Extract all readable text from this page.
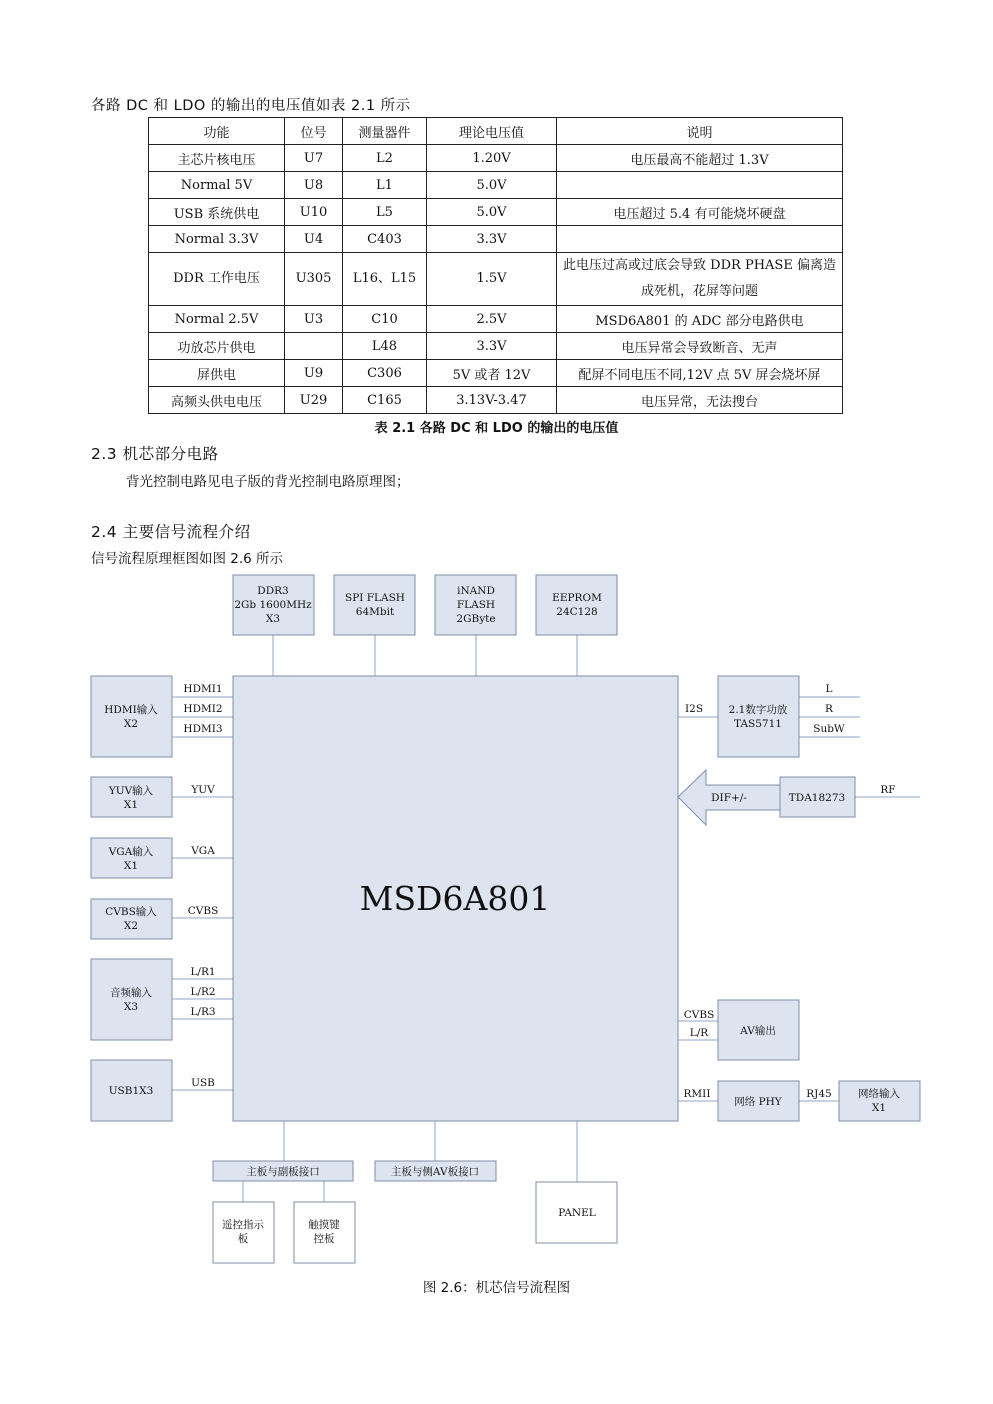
各路 DC 和 LDO 的输出的电压值如表 2.1 所示
功能	位号	测量器件	理论电压值	说明
主芯片核电压	U7	L2	1.20V	电压最高不能超过 1.3V
Normal 5V	U8	L1	5.0V	
USB 系统供电	U10	L5	5.0V	电压超过 5.4 有可能烧坏硬盘
Normal 3.3V	U4	C403	3.3V	
DDR 工作电压	U305	L16、L15	1.5V	此电压过高或过底会导致 DDR PHASE 偏离造成死机，花屏等问题
Normal 2.5V	U3	C10	2.5V	MSD6A801 的 ADC 部分电路供电
功放芯片供电		L48	3.3V	电压异常会导致断音、无声
屏供电	U9	C306	5V 或者 12V	配屏不同电压不同,12V 点 5V 屏会烧坏屏
高频头供电电压	U29	C165	3.13V-3.47	电压异常，无法搜台
表 2.1 各路 DC 和 LDO 的输出的电压值
2.3 机芯部分电路
背光控制电路见电子版的背光控制电路原理图；
2.4 主要信号流程介绍
信号流程原理框图如图 2.6 所示
MSD6A801
DDR3
2Gb 1600MHz
X3
SPI FLASH
64Mbit
iNAND
FLASH
2GByte
EEPROM
24C128
HDMI输入
X2
YUV输入
X1
VGA输入
X1
CVBS输入
X2
音频输入
X3
USB1X3
HDMI1
HDMI2
HDMI3
YUV
VGA
CVBS
L/R1
L/R2
L/R3
USB
I2S 2.1数字功放
TAS5711
L
R
SubW
DIF+/-	TDA18273
RF
CVBS
L/R	AV输出
RMII
网络 PHY
RJ45	网络输入
X1
主板与副板接口	主板与侧AV板接口
PANEL
遥控指示
板
触摸键
控板
图 2.6：机芯信号流程图
